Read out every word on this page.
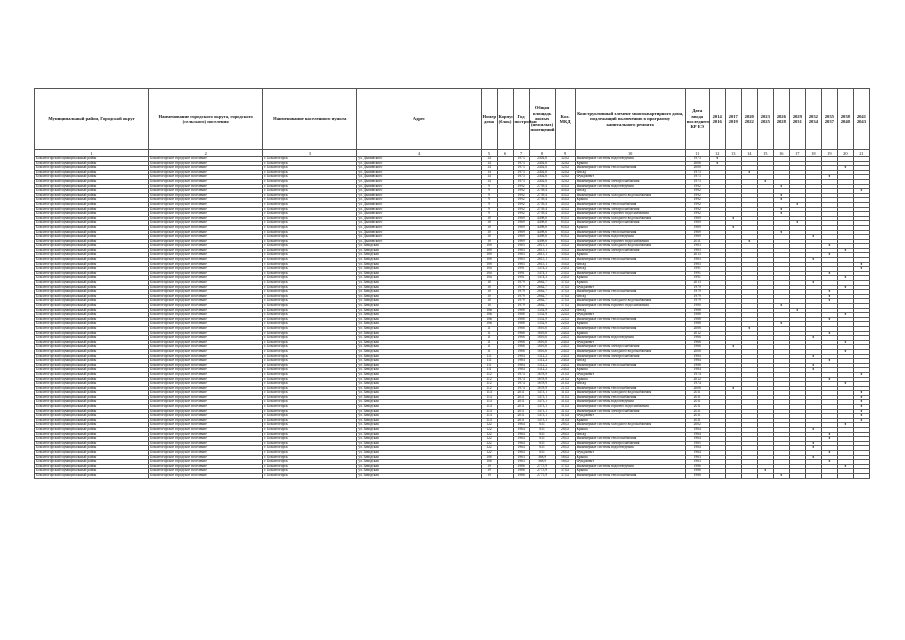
Муниципальный район, Городской округ	Наименование городского округа, городского (сельского) поселения	Наименование населенного пункта	Адрес	Номер дома	Корпус (блок)	Год постройки	Общая площадь жилых (нежилых) помещений	Кол. МКД	Конструктивный элемент многоквартирного дома, подлежащий включению в программу капитального ремонта	Дата ввода последнего КР ЕЭ	2014 2016	2017 2019	2020 2022	2023 2025	2026 2028	2029 2031	2032 2034	2035 2037	2038 2040	2041 2043
1	2	3	4	5	6	7	8	9	10	11	12	13	14	15	16	17	18	19	20	21
Бокситогорский муниципальный район	Бокситогорское городское поселение	г. Бокситогорск	ул. Дымовского	14		1973	2402,6	32,62	Инженерные системы водоотведения	1973	x									
Бокситогорский муниципальный район	Бокситогорское городское поселение	г. Бокситогорск	ул. Дымовского	14		1973	2402,6	32,62	Крыша	2006	x									
Бокситогорский муниципальный район	Бокситогорское городское поселение	г. Бокситогорск	ул. Дымовского	14		1973	2402,6	32,62	Инженерные системы теплоснабжения	2000									x	
Бокситогорский муниципальный район	Бокситогорское городское поселение	г. Бокситогорск	ул. Дымовского	14		1973	2402,6	32,62	Фасад	1973			x							
Бокситогорский муниципальный район	Бокситогорское городское поселение	г. Бокситогорск	ул. Дымовского	14		1973	2402,6	32,62	Фундамент	1973								x		
Бокситогорский муниципальный район	Бокситогорское городское поселение	г. Бокситогорск	ул. Дымовского	14		1973	2402,6	32,62	Инженерные системы электроснабжения	1973				x						
Бокситогорский муниципальный район	Бокситогорское городское поселение	г. Бокситогорск	ул. Дымовского	9		1992	2739,4	45,02	Инженерные системы водоотведения	1992					x					
Бокситогорский муниципальный район	Бокситогорское городское поселение	г. Бокситогорск	ул. Дымовского	9		1992	2739,4	45,02	Фасад	1992										x
Бокситогорский муниципальный район	Бокситогорское городское поселение	г. Бокситогорск	ул. Дымовского	9		1992	2739,4	45,02	Инженерные системы холодного водоснабжения	1992					x					
Бокситогорский муниципальный район	Бокситогорское городское поселение	г. Бокситогорск	ул. Дымовского	9		1992	2739,4	45,02	Крыша	1992					x					
Бокситогорский муниципальный район	Бокситогорское городское поселение	г. Бокситогорск	ул. Дымовского	9		1992	2739,4	45,02	Инженерные системы теплоснабжения	1992						x				
Бокситогорский муниципальный район	Бокситогорское городское поселение	г. Бокситогорск	ул. Дымовского	9		1992	2739,4	45,02	Инженерные системы электроснабжения	1992					x					
Бокситогорский муниципальный район	Бокситогорское городское поселение	г. Бокситогорск	ул. Дымовского	9		1992	2739,4	45,02	Инженерные системы горячего водоснабжения	1992					x					
Бокситогорский муниципальный район	Бокситогорское городское поселение	г. Бокситогорск	ул. Дымовского	10		1969	4498,6	65,02	Инженерные системы холодного водоснабжения	1969		x								
Бокситогорский муниципальный район	Бокситогорское городское поселение	г. Бокситогорск	ул. Дымовского	10		1969	4498,6	65,02	Инженерные системы электроснабжения	1969						x				
Бокситогорский муниципальный район	Бокситогорское городское поселение	г. Бокситогорск	ул. Дымовского	10		1969	4498,6	65,02	Крыша	1969		x								
Бокситогорский муниципальный район	Бокситогорское городское поселение	г. Бокситогорск	ул. Дымовского	10		1969	4498,6	65,02	Инженерные системы теплоснабжения	1969					x					
Бокситогорский муниципальный район	Бокситогорское городское поселение	г. Бокситогорск	ул. Дымовского	10		1969	4498,6	65,02	Инженерные системы водоотведения	1969							x			
Бокситогорский муниципальный район	Бокситогорское городское поселение	г. Бокситогорск	ул. Дымовского	10		1969	4498,6	65,02	Инженерные системы горячего водоснабжения	2011			x							
Бокситогорский муниципальный район	Бокситогорское городское поселение	г. Бокситогорск	ул. Заводская	10б		1983	2815,1	35,02	Инженерные системы холодного водоснабжения	1983								x		
Бокситогорский муниципальный район	Бокситогорское городское поселение	г. Бокситогорск	ул. Заводская	10б		1983	2815,1	35,02	Инженерные системы электроснабжения	1983									x	
Бокситогорский муниципальный район	Бокситогорское городское поселение	г. Бокситогорск	ул. Заводская	10б		1983	2815,1	35,02	Крыша	2013								x		
Бокситогорский муниципальный район	Бокситогорское городское поселение	г. Бокситогорск	ул. Заводская	10б		1983	2815,1	35,02	Инженерные системы теплоснабжения	1983							x			
Бокситогорский муниципальный район	Бокситогорское городское поселение	г. Бокситогорск	ул. Заводская	10б		1983	2815,1	35,02	Фасад	1983										x
Бокситогорский муниципальный район	Бокситогорское городское поселение	г. Бокситогорск	ул. Заводская	10а		1991	1474,3	23,02	Фасад	1991										x
Бокситогорский муниципальный район	Бокситогорское городское поселение	г. Бокситогорск	ул. Заводская	10а		1991	1474,3	23,02	Инженерные системы теплоснабжения	1991								x		
Бокситогорский муниципальный район	Бокситогорское городское поселение	г. Бокситогорск	ул. Заводская	10а		1991	1474,3	23,02	Крыша	1991									x	
Бокситогорский муниципальный район	Бокситогорское городское поселение	г. Бокситогорск	ул. Заводская	10		1979	2662,7	37,02	Крыша	2013							x			
Бокситогорский муниципальный район	Бокситогорское городское поселение	г. Бокситогорск	ул. Заводская	10		1979	2662,7	37,02	Фундамент	1979									x	
Бокситогорский муниципальный район	Бокситогорское городское поселение	г. Бокситогорск	ул. Заводская	10		1979	2662,7	37,02	Инженерные системы теплоснабжения	1979								x		
Бокситогорский муниципальный район	Бокситогорское городское поселение	г. Бокситогорск	ул. Заводская	10		1979	2662,7	37,02	Фасад	1979								x		
Бокситогорский муниципальный район	Бокситогорское городское поселение	г. Бокситогорск	ул. Заводская	10		1979	2662,7	37,02	Инженерные системы холодного водоснабжения	1979								x		
Бокситогорский муниципальный район	Бокситогорское городское поселение	г. Бокситогорск	ул. Заводская	10		1979	2662,7	37,02	Инженерные системы горячего водоснабжения	1980					x					
Бокситогорский муниципальный район	Бокситогорское городское поселение	г. Бокситогорск	ул. Заводская	10в		1988	1352,9	22,02	Фасад	1988						x				
Бокситогорский муниципальный район	Бокситогорское городское поселение	г. Бокситогорск	ул. Заводская	10в		1988	1352,9	22,02	Фундамент	1988									x	
Бокситогорский муниципальный район	Бокситогорское городское поселение	г. Бокситогорск	ул. Заводская	10в		1988	1352,9	22,02	Инженерные системы теплоснабжения	1988								x		
Бокситогорский муниципальный район	Бокситогорское городское поселение	г. Бокситогорск	ул. Заводская	10в		1988	1352,9	22,02	Крыша	1988					x					
Бокситогорский муниципальный район	Бокситогорское городское поселение	г. Бокситогорск	ул. Заводская	11		1966	1816,6	24,02	Инженерные системы теплоснабжения	2006			x							
Бокситогорский муниципальный район	Бокситогорское городское поселение	г. Бокситогорск	ул. Заводская	11		1966	1816,6	24,02	Крыша	2012								x		
Бокситогорский муниципальный район	Бокситогорское городское поселение	г. Бокситогорск	ул. Заводская	11		1966	1816,6	24,02	Инженерные системы водоотведения	1966							x			
Бокситогорский муниципальный район	Бокситогорское городское поселение	г. Бокситогорск	ул. Заводская	11		1966	1816,6	24,02	Фундамент	1966									x	
Бокситогорский муниципальный район	Бокситогорское городское поселение	г. Бокситогорск	ул. Заводская	11		1966	1816,6	24,02	Инженерные системы электроснабжения	1966		x								
Бокситогорский муниципальный район	Бокситогорское городское поселение	г. Бокситогорск	ул. Заводская	11		1966	1816,6	24,02	Инженерные системы холодного водоснабжения	2008									x	
Бокситогорский муниципальный район	Бокситогорское городское поселение	г. Бокситогорск	ул. Заводская	111		1984	1312,2	24,02	Инженерные системы электроснабжения	1984							x			
Бокситогорский муниципальный район	Бокситогорское городское поселение	г. Бокситогорск	ул. Заводская	111		1984	1312,2	24,02	Фасад	1984								x		
Бокситогорский муниципальный район	Бокситогорское городское поселение	г. Бокситогорск	ул. Заводская	111		1984	1312,2	24,02	Инженерные системы теплоснабжения	1988							x			
Бокситогорский муниципальный район	Бокситогорское городское поселение	г. Бокситогорск	ул. Заводская	111		1984	1312,2	24,02	Крыша	1984							x			
Бокситогорский муниципальный район	Бокситогорское городское поселение	г. Бокситогорск	ул. Заводская	112		1974	1678,9	21,02	Фундамент	1974										x
Бокситогорский муниципальный район	Бокситогорское городское поселение	г. Бокситогорск	ул. Заводская	112		1974	1678,9	21,02	Крыша	2012								x		
Бокситогорский муниципальный район	Бокситогорское городское поселение	г. Бокситогорск	ул. Заводская	112		1974	1678,9	21,02	Фасад	1974									x	
Бокситогорский муниципальный район	Бокситогорское городское поселение	г. Бокситогорск	ул. Заводская	112		1974	1678,9	21,02	Инженерные системы теплоснабжения	2006		x								
Бокситогорский муниципальный район	Бокситогорское городское поселение	г. Бокситогорск	ул. Заводская	114		2011	1473,1	31,02	Инженерные системы холодного водоснабжения	2011										x
Бокситогорский муниципальный район	Бокситогорское городское поселение	г. Бокситогорск	ул. Заводская	114		2011	1473,1	31,02	Инженерные системы теплоснабжения	2011										x
Бокситогорский муниципальный район	Бокситогорское городское поселение	г. Бокситогорск	ул. Заводская	114		2011	1473,1	31,02	Инженерные системы водоотведения	2011										x
Бокситогорский муниципальный район	Бокситогорское городское поселение	г. Бокситогорск	ул. Заводская	114		2011	1473,1	31,02	Инженерные системы горячего водоснабжения	2011										x
Бокситогорский муниципальный район	Бокситогорское городское поселение	г. Бокситогорск	ул. Заводская	114		2011	1473,1	31,02	Инженерные системы электроснабжения	2011										x
Бокситогорский муниципальный район	Бокситогорское городское поселение	г. Бокситогорск	ул. Заводская	114		2011	1473,1	31,02	Фундамент	2011										x
Бокситогорский муниципальный район	Бокситогорское городское поселение	г. Бокситогорск	ул. Заводская	114		2011	1473,1	31,02	Крыша	2011										x
Бокситогорский муниципальный район	Бокситогорское городское поселение	г. Бокситогорск	ул. Заводская	122		1964	631	28,02	Инженерные системы холодного водоснабжения	2002									x	
Бокситогорский муниципальный район	Бокситогорское городское поселение	г. Бокситогорск	ул. Заводская	122		1964	631	28,02	Крыша	1964							x			
Бокситогорский муниципальный район	Бокситогорское городское поселение	г. Бокситогорск	ул. Заводская	122		1964	631	28,02	Фасад	1964								x		
Бокситогорский муниципальный район	Бокситогорское городское поселение	г. Бокситогорск	ул. Заводская	122		1964	631	28,02	Инженерные системы теплоснабжения	1964								x		
Бокситогорский муниципальный район	Бокситогорское городское поселение	г. Бокситогорск	ул. Заводская	122		1964	631	28,02	Инженерные системы электроснабжения	1965							x			
Бокситогорский муниципальный район	Бокситогорское городское поселение	г. Бокситогорск	ул. Заводская	122		1964	631	28,02	Инженерные системы водоотведения	1964							x			
Бокситогорский муниципальный район	Бокситогорское городское поселение	г. Бокситогорск	ул. Заводская	122		1964	631	28,02	Фундамент	1964								x		
Бокситогорский муниципальный район	Бокситогорское городское поселение	г. Бокситогорск	ул. Заводская	106		1963	368,9	58,02	Крыша	1963							x			
Бокситогорский муниципальный район	Бокситогорское городское поселение	г. Бокситогорск	ул. Заводская	106		1963	368,9	58,02	Фундамент	1963								x		
Бокситогорский муниципальный район	Бокситогорское городское поселение	г. Бокситогорск	ул. Заводская	19		1986	2775,9	37,02	Инженерные системы водоотведения	1986									x	
Бокситогорский муниципальный район	Бокситогорское городское поселение	г. Бокситогорск	ул. Заводская	19		1986	2775,9	37,02	Крыша	1986				x						
Бокситогорский муниципальный район	Бокситогорское городское поселение	г. Бокситогорск	ул. Заводская	19		1986	2775,9	37,02	Инженерные системы теплоснабжения	1986					x					
